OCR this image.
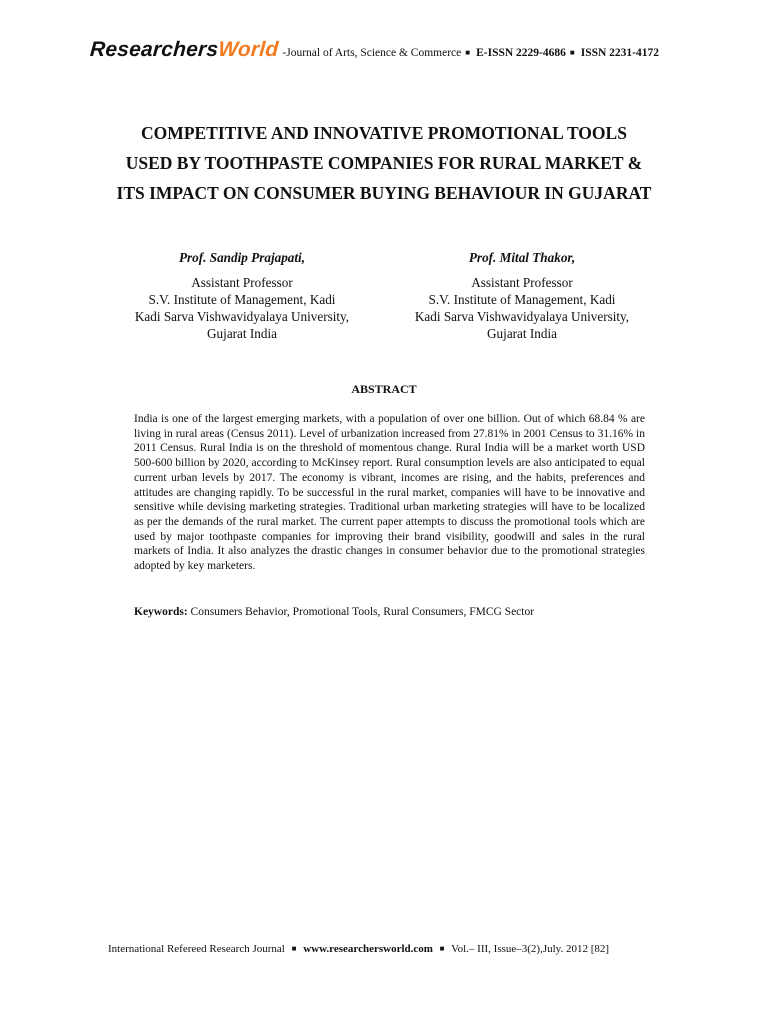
ResearchersWorld -Journal of Arts, Science & Commerce ■ E-ISSN 2229-4686 ■ ISSN 2231-4172
COMPETITIVE AND INNOVATIVE PROMOTIONAL TOOLS
USED BY TOOTHPASTE COMPANIES FOR RURAL MARKET &
ITS IMPACT ON CONSUMER BUYING BEHAVIOUR IN GUJARAT
Prof. Sandip Prajapati,
Assistant Professor
S.V. Institute of Management, Kadi
Kadi Sarva Vishwavidyalaya University,
Gujarat India
Prof. Mital Thakor,
Assistant Professor
S.V. Institute of Management, Kadi
Kadi Sarva Vishwavidyalaya University,
Gujarat India
ABSTRACT
India is one of the largest emerging markets, with a population of over one billion. Out of which 68.84 % are living in rural areas (Census 2011). Level of urbanization increased from 27.81% in 2001 Census to 31.16% in 2011 Census. Rural India is on the threshold of momentous change. Rural India will be a market worth USD 500-600 billion by 2020, according to McKinsey report. Rural consumption levels are also anticipated to equal current urban levels by 2017. The economy is vibrant, incomes are rising, and the habits, preferences and attitudes are changing rapidly. To be successful in the rural market, companies will have to be innovative and sensitive while devising marketing strategies. Traditional urban marketing strategies will have to be localized as per the demands of the rural market. The current paper attempts to discuss the promotional tools which are used by major toothpaste companies for improving their brand visibility, goodwill and sales in the rural markets of India. It also analyzes the drastic changes in consumer behavior due to the promotional strategies adopted by key marketers.
Keywords: Consumers Behavior, Promotional Tools, Rural Consumers, FMCG Sector
International Refereed Research Journal ■ www.researchersworld.com ■ Vol.– III, Issue–3(2),July. 2012 [82]
